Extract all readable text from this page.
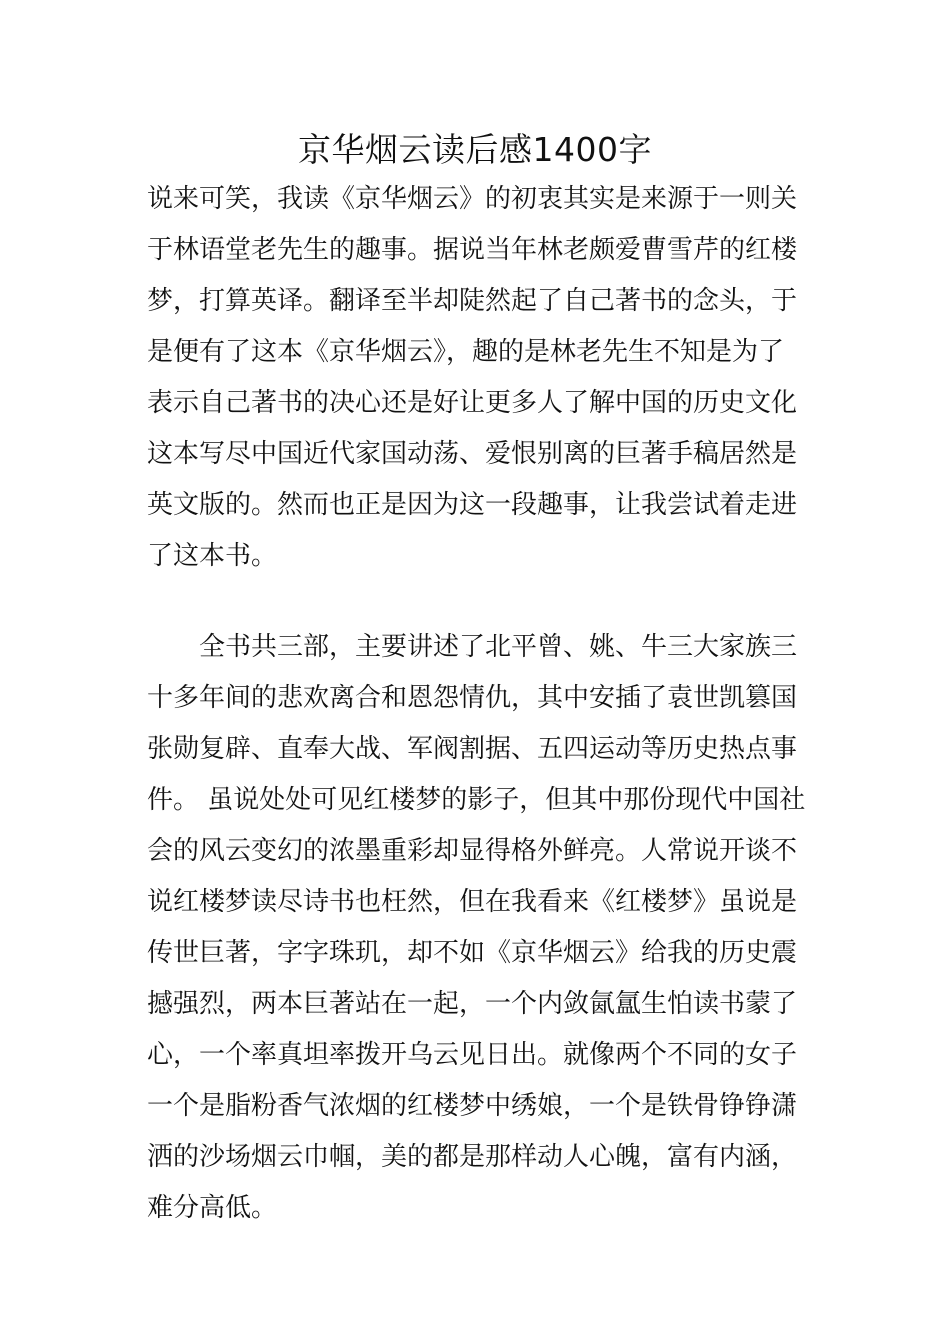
京华烟云读后感1400字
说来可笑，我读《京华烟云》的初衷其实是来源于一则关
于林语堂老先生的趣事。据说当年林老颇爱曹雪芹的红楼
梦，打算英译。翻译至半却陡然起了自己著书的念头，于
是便有了这本《京华烟云》，趣的是林老先生不知是为了
表示自己著书的决心还是好让更多人了解中国的历史文化
这本写尽中国近代家国动荡、爱恨别离的巨著手稿居然是
英文版的。然而也正是因为这一段趣事，让我尝试着走进
了这本书。
全书共三部，主要讲述了北平曾、姚、牛三大家族三
十多年间的悲欢离合和恩怨情仇，其中安插了袁世凯篡国
张勋复辟、直奉大战、军阀割据、五四运动等历史热点事
件。 虽说处处可见红楼梦的影子，但其中那份现代中国社
会的风云变幻的浓墨重彩却显得格外鲜亮。人常说开谈不
说红楼梦读尽诗书也枉然，但在我看来《红楼梦》虽说是
传世巨著，字字珠玑，却不如《京华烟云》给我的历史震
撼强烈，两本巨著站在一起，一个内敛氤氲生怕读书蒙了
心，一个率真坦率拨开乌云见日出。就像两个不同的女子
一个是脂粉香气浓烟的红楼梦中绣娘，一个是铁骨铮铮潇
洒的沙场烟云巾帼，美的都是那样动人心魄，富有内涵，
难分高低。
